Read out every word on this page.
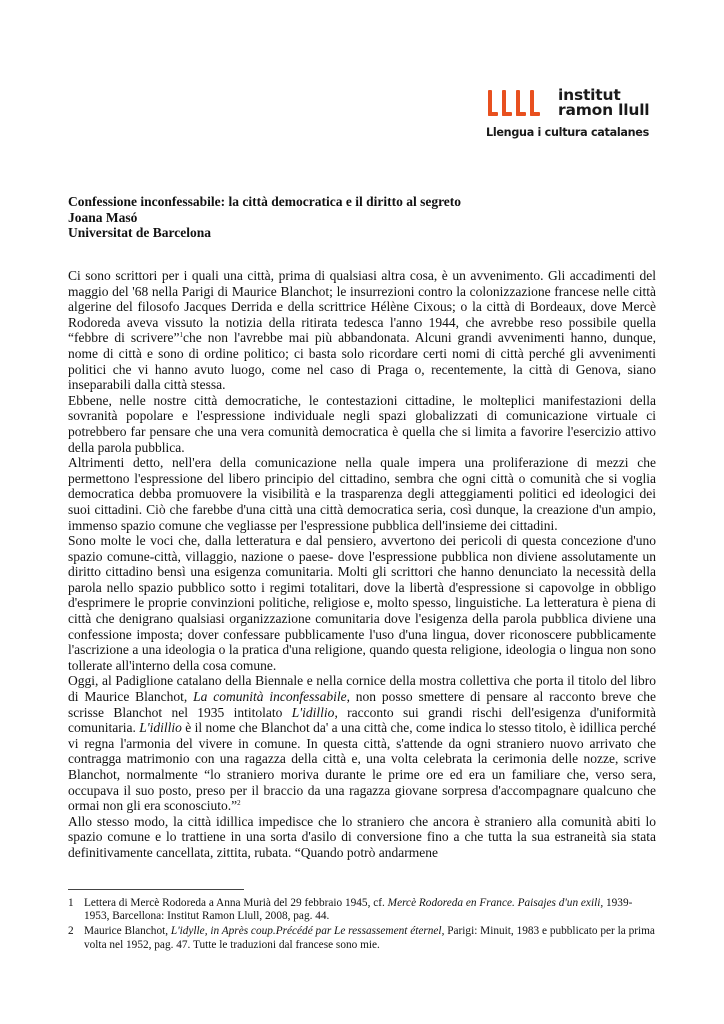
institut
ramon llull
Llengua i cultura catalanes
Confessione inconfessabile: la città democratica e il diritto al segreto
Joana Masó
Universitat de Barcelona

Ci sono scrittori per i quali una città, prima di qualsiasi altra cosa, è un avvenimento. Gli accadimenti del maggio del '68 nella Parigi di Maurice Blanchot; le insurrezioni contro la colonizzazione francese nelle città algerine del filosofo Jacques Derrida e della scrittrice Hélène Cixous; o la città di Bordeaux, dove Mercè Rodoreda aveva vissuto la notizia della ritirata tedesca l'anno 1944, che avrebbe reso possibile quella “febbre di scrivere”$^1$che non l'avrebbe mai più abbandonata. Alcuni grandi avvenimenti hanno, dunque, nome di città e sono di ordine politico; ci basta solo ricordare certi nomi di città perché gli avvenimenti politici che vi hanno avuto luogo, come nel caso di Praga o, recentemente, la città di Genova, siano inseparabili dalla città stessa.

Ebbene, nelle nostre città democratiche, le contestazioni cittadine, le molteplici manifestazioni della sovranità popolare e l'espressione individuale negli spazi globalizzati di comunicazione virtuale ci potrebbero far pensare che una vera comunità democratica è quella che si limita a favorire l'esercizio attivo della parola pubblica.

Altrimenti detto, nell'era della comunicazione nella quale impera una proliferazione di mezzi che permettono l'espressione del libero principio del cittadino, sembra che ogni città o comunità che si voglia democratica debba promuovere la visibilità e la trasparenza degli atteggiamenti politici ed ideologici dei suoi cittadini. Ciò che farebbe d'una città una città democratica seria, così dunque, la creazione d'un ampio, immenso spazio comune che vegliasse per l'espressione pubblica dell'insieme dei cittadini.

Sono molte le voci che, dalla letteratura e dal pensiero, avvertono dei pericoli di questa concezione d'uno spazio comune-città, villaggio, nazione o paese- dove l'espressione pubblica non diviene assolutamente un diritto cittadino bensì una esigenza comunitaria. Molti gli scrittori che hanno denunciato la necessità della parola nello spazio pubblico sotto i regimi totalitari, dove la libertà d'espressione si capovolge in obbligo d'esprimere le proprie convinzioni politiche, religiose e, molto spesso, linguistiche. La letteratura è piena di città che denigrano qualsiasi organizzazione comunitaria dove l'esigenza della parola pubblica diviene una confessione imposta; dover confessare pubblicamente l'uso d'una lingua, dover riconoscere pubblicamente l'ascrizione a una ideologia o la pratica d'una religione, quando questa religione, ideologia o lingua non sono tollerate all'interno della cosa comune.

Oggi, al Padiglione catalano della Biennale e nella cornice della mostra collettiva che porta il titolo del libro di Maurice Blanchot, La comunità inconfessabile, non posso smettere di pensare al racconto breve che scrisse Blanchot nel 1935 intitolato L'idillio, racconto sui grandi rischi dell'esigenza d'uniformità comunitaria. L'idillio è il nome che Blanchot da' a una città che, come indica lo stesso titolo, è idillica perché vi regna l'armonia del vivere in comune. In questa città, s'attende da ogni straniero nuovo arrivato che contragga matrimonio con una ragazza della città e, una volta celebrata la cerimonia delle nozze, scrive Blanchot, normalmente “lo straniero moriva durante le prime ore ed era un familiare che, verso sera, occupava il suo posto, preso per il braccio da una ragazza giovane sorpresa d'accompagnare qualcuno che ormai non gli era sconosciuto.”$^2$

Allo stesso modo, la città idillica impedisce che lo straniero che ancora è straniero alla comunità abiti lo spazio comune e lo trattiene in una sorta d'asilo di conversione fino a che tutta la sua estraneità sia stata definitivamente cancellata, zittita, rubata. “Quando potrò andarmene

1 Lettera di Mercè Rodoreda a Anna Murià del 29 febbraio 1945, cf. Mercè Rodoreda en France. Paisajes d'un exili, 1939-1953, Barcellona: Institut Ramon Llull, 2008, pag. 44.
2 Maurice Blanchot, L'idylle, in Après coup.Précédé par Le ressassement éternel, Parigi: Minuit, 1983 e pubblicato per la prima volta nel 1952, pag. 47. Tutte le traduzioni dal francese sono mie.
